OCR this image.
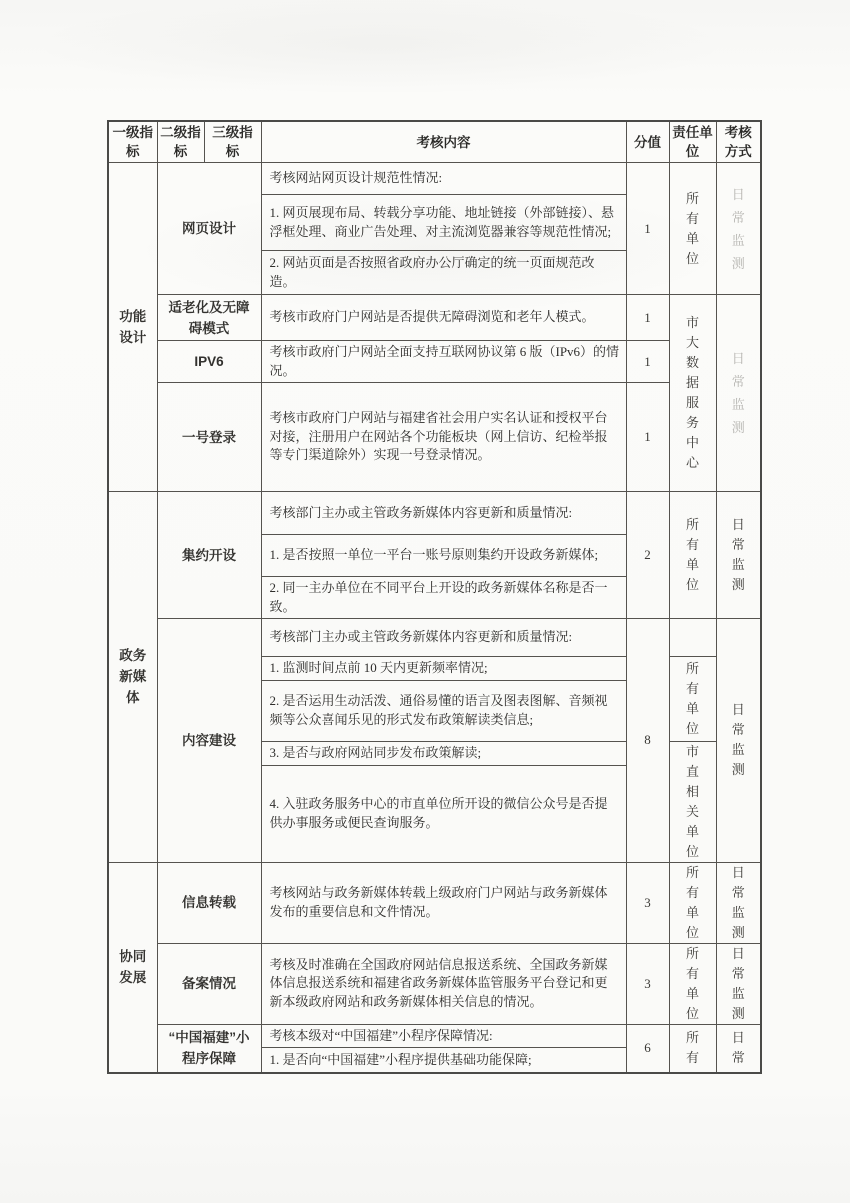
一级指标	二级指标	三级指标	考核内容	分值	责任单位	考核方式
功能设计	网页设计		考核网站网页设计规范性情况:	1	所有单位	日常监测
			1. 网页展现布局、转载分享功能、地址链接（外部链接）、悬浮框处理、商业广告处理、对主流浏览器兼容等规范性情况;			
			2. 网站页面是否按照省政府办公厅确定的统一页面规范改造。			
	适老化及无障碍模式		考核市政府门户网站是否提供无障碍浏览和老年人模式。	1	市大数据服务中心	日常监测
	IPV6		考核市政府门户网站全面支持互联网协议第 6 版（IPv6）的情况。	1		
	一号登录		考核市政府门户网站与福建省社会用户实名认证和授权平台对接，注册用户在网站各个功能板块（网上信访、纪检举报等专门渠道除外）实现一号登录情况。	1		
政务新媒体	集约开设		考核部门主办或主管政务新媒体内容更新和质量情况:	2	所有单位	日常监测
			1. 是否按照一单位一平台一账号原则集约开设政务新媒体;			
			2. 同一主办单位在不同平台上开设的政务新媒体名称是否一致。			
	内容建设		考核部门主办或主管政务新媒体内容更新和质量情况:	8		日常监测
			1. 监测时间点前 10 天内更新频率情况;		所有单位	
			2. 是否运用生动活泼、通俗易懂的语言及图表图解、音频视频等公众喜闻乐见的形式发布政策解读类信息;			
			3. 是否与政府网站同步发布政策解读;		市直相关单位	
			4. 入驻政务服务中心的市直单位所开设的微信公众号是否提供办事服务或便民查询服务。			
协同发展	信息转载		考核网站与政务新媒体转载上级政府门户网站与政务新媒体发布的重要信息和文件情况。	3	所有单位	日常监测
	备案情况		考核及时准确在全国政府网站信息报送系统、全国政务新媒体信息报送系统和福建省政务新媒体监管服务平台登记和更新本级政府网站和政务新媒体相关信息的情况。	3	所有单位	日常监测
	“中国福建”小程序保障		考核本级对“中国福建”小程序保障情况:	6	所有	日常
			1. 是否向“中国福建”小程序提供基础功能保障;			
